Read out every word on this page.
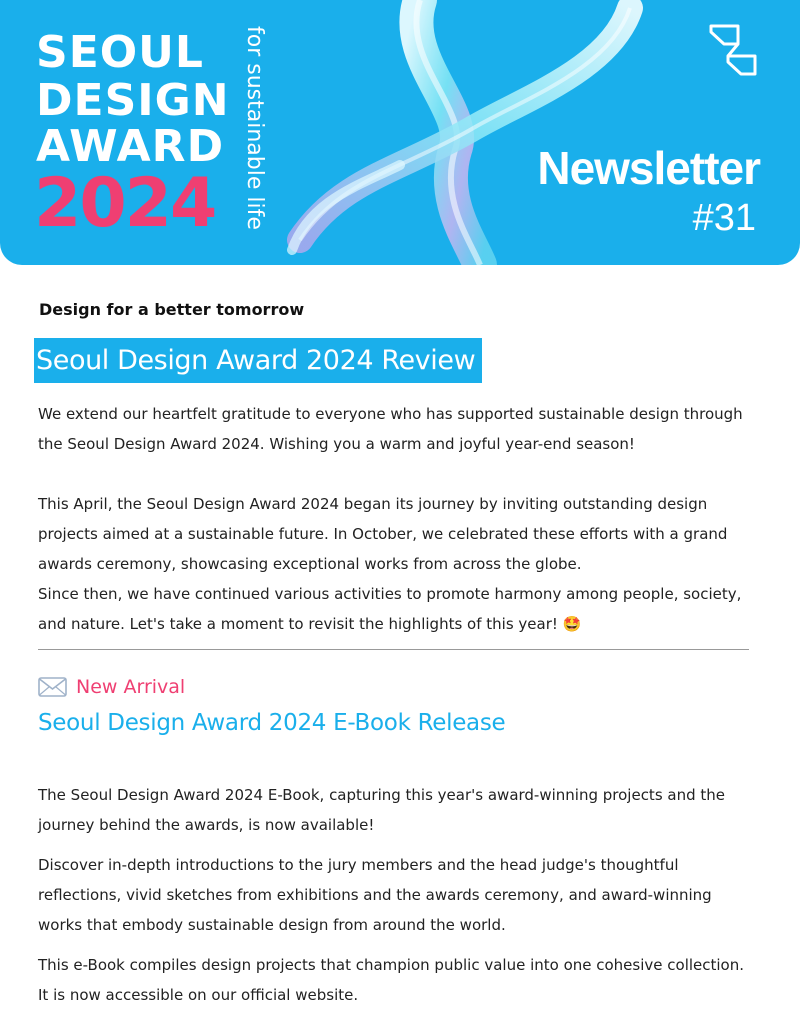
SEOUL
DESIGN
AWARD
2024 for sustainable life	Newsletter
#31
Design for a better tomorrow
Seoul Design Award 2024 Review

We extend our heartfelt gratitude to everyone who has supported sustainable design through the Seoul Design Award 2024. Wishing you a warm and joyful year-end season!

This April, the Seoul Design Award 2024 began its journey by inviting outstanding design projects aimed at a sustainable future. In October, we celebrated these efforts with a grand awards ceremony, showcasing exceptional works from across the globe.

Since then, we have continued various activities to promote harmony among people, society, and nature. Let's take a moment to revisit the highlights of this year! 🤩

New Arrival
Seoul Design Award 2024 E-Book Release

The Seoul Design Award 2024 E-Book, capturing this year's award-winning projects and the journey behind the awards, is now available!

Discover in-depth introductions to the jury members and the head judge's thoughtful reflections, vivid sketches from exhibitions and the awards ceremony, and award-winning works that embody sustainable design from around the world.

This e-Book compiles design projects that champion public value into one cohesive collection. It is now accessible on our official website.
